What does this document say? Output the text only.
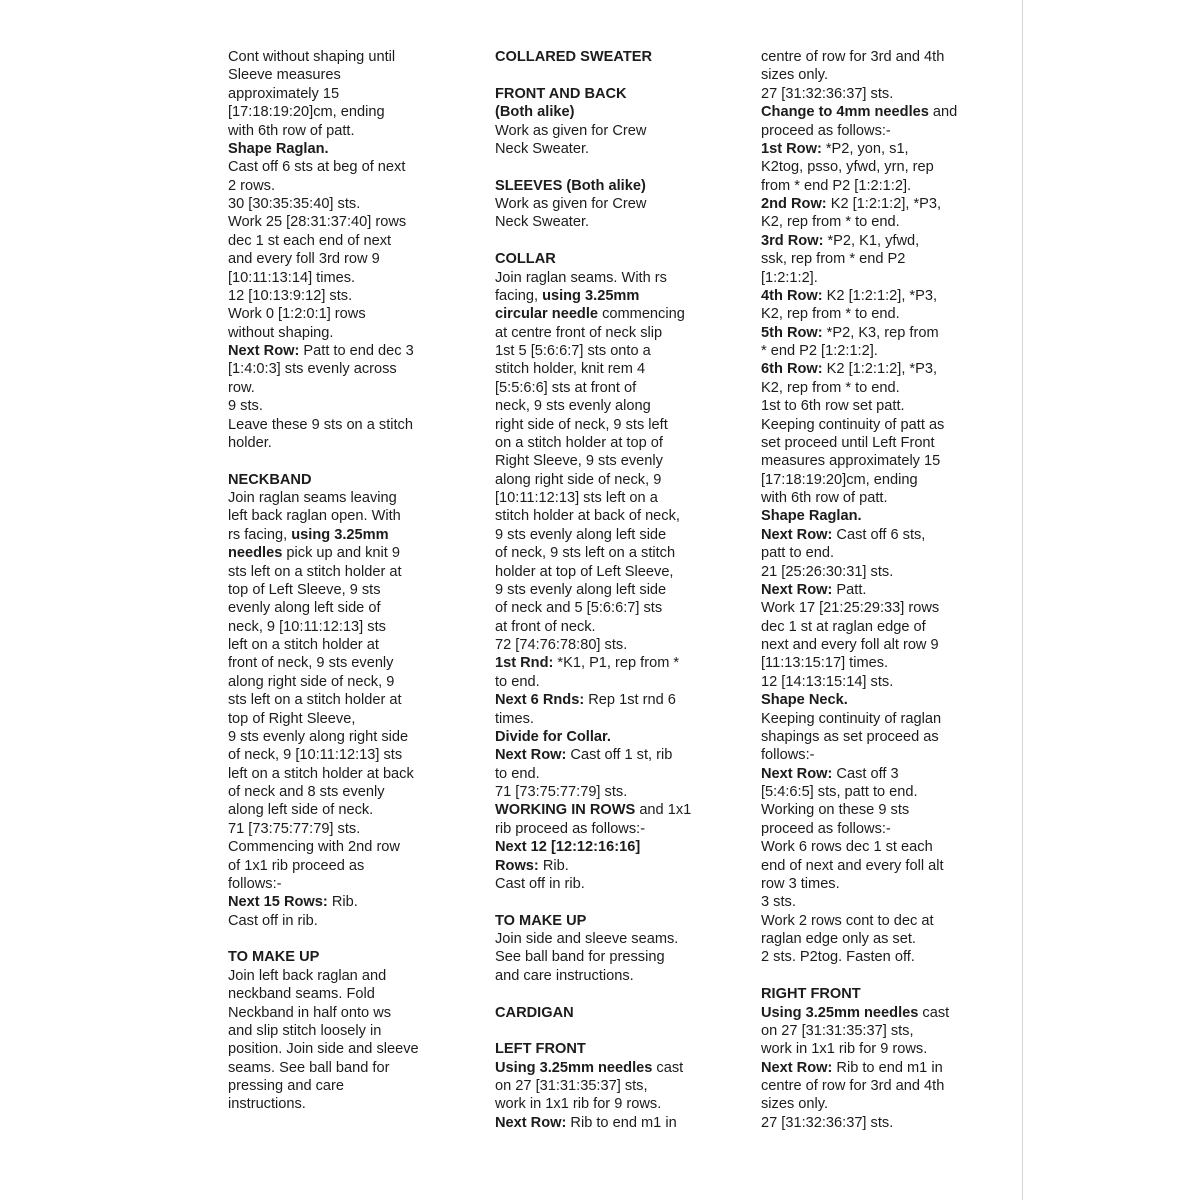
Cont without shaping until
Sleeve measures
approximately 15
[17:18:19:20]cm, ending
with 6th row of patt.
Shape Raglan.
Cast off 6 sts at beg of next
2 rows.
30 [30:35:35:40] sts.
Work 25 [28:31:37:40] rows
dec 1 st each end of next
and every foll 3rd row 9
[10:11:13:14] times.
12 [10:13:9:12] sts.
Work 0 [1:2:0:1] rows
without shaping.
Next Row: Patt to end dec 3
[1:4:0:3] sts evenly across
row.
9 sts.
Leave these 9 sts on a stitch
holder.
NECKBAND
Join raglan seams leaving
left back raglan open. With
rs facing, using 3.25mm
needles pick up and knit 9
sts left on a stitch holder at
top of Left Sleeve, 9 sts
evenly along left side of
neck, 9 [10:11:12:13] sts
left on a stitch holder at
front of neck, 9 sts evenly
along right side of neck, 9
sts left on a stitch holder at
top of Right Sleeve,
9 sts evenly along right side
of neck, 9 [10:11:12:13] sts
left on a stitch holder at back
of neck and 8 sts evenly
along left side of neck.
71 [73:75:77:79] sts.
Commencing with 2nd row
of 1x1 rib proceed as
follows:-
Next 15 Rows: Rib.
Cast off in rib.
TO MAKE UP
Join left back raglan and
neckband seams. Fold
Neckband in half onto ws
and slip stitch loosely in
position. Join side and sleeve
seams. See ball band for
pressing and care
instructions.
COLLARED SWEATER
FRONT AND BACK
(Both alike)
Work as given for Crew
Neck Sweater.
SLEEVES (Both alike)
Work as given for Crew
Neck Sweater.
COLLAR
Join raglan seams. With rs
facing, using 3.25mm
circular needle commencing
at centre front of neck slip
1st 5 [5:6:6:7] sts onto a
stitch holder, knit rem 4
[5:5:6:6] sts at front of
neck, 9 sts evenly along
right side of neck, 9 sts left
on a stitch holder at top of
Right Sleeve, 9 sts evenly
along right side of neck, 9
[10:11:12:13] sts left on a
stitch holder at back of neck,
9 sts evenly along left side
of neck, 9 sts left on a stitch
holder at top of Left Sleeve,
9 sts evenly along left side
of neck and 5 [5:6:6:7] sts
at front of neck.
72 [74:76:78:80] sts.
1st Rnd: *K1, P1, rep from *
to end.
Next 6 Rnds: Rep 1st rnd 6
times.
Divide for Collar.
Next Row: Cast off 1 st, rib
to end.
71 [73:75:77:79] sts.
WORKING IN ROWS and 1x1
rib proceed as follows:-
Next 12 [12:12:16:16]
Rows: Rib.
Cast off in rib.
TO MAKE UP
Join side and sleeve seams.
See ball band for pressing
and care instructions.
CARDIGAN
LEFT FRONT
Using 3.25mm needles cast
on 27 [31:31:35:37] sts,
work in 1x1 rib for 9 rows.
Next Row: Rib to end m1 in
centre of row for 3rd and 4th
sizes only.
27 [31:32:36:37] sts.
Change to 4mm needles and
proceed as follows:-
1st Row: *P2, yon, s1,
K2tog, psso, yfwd, yrn, rep
from * end P2 [1:2:1:2].
2nd Row: K2 [1:2:1:2], *P3,
K2, rep from * to end.
3rd Row: *P2, K1, yfwd,
ssk, rep from * end P2
[1:2:1:2].
4th Row: K2 [1:2:1:2], *P3,
K2, rep from * to end.
5th Row: *P2, K3, rep from
* end P2 [1:2:1:2].
6th Row: K2 [1:2:1:2], *P3,
K2, rep from * to end.
1st to 6th row set patt.
Keeping continuity of patt as
set proceed until Left Front
measures approximately 15
[17:18:19:20]cm, ending
with 6th row of patt.
Shape Raglan.
Next Row: Cast off 6 sts,
patt to end.
21 [25:26:30:31] sts.
Next Row: Patt.
Work 17 [21:25:29:33] rows
dec 1 st at raglan edge of
next and every foll alt row 9
[11:13:15:17] times.
12 [14:13:15:14] sts.
Shape Neck.
Keeping continuity of raglan
shapings as set proceed as
follows:-
Next Row: Cast off 3
[5:4:6:5] sts, patt to end.
Working on these 9 sts
proceed as follows:-
Work 6 rows dec 1 st each
end of next and every foll alt
row 3 times.
3 sts.
Work 2 rows cont to dec at
raglan edge only as set.
2 sts. P2tog. Fasten off.
RIGHT FRONT
Using 3.25mm needles cast
on 27 [31:31:35:37] sts,
work in 1x1 rib for 9 rows.
Next Row: Rib to end m1 in
centre of row for 3rd and 4th
sizes only.
27 [31:32:36:37] sts.
